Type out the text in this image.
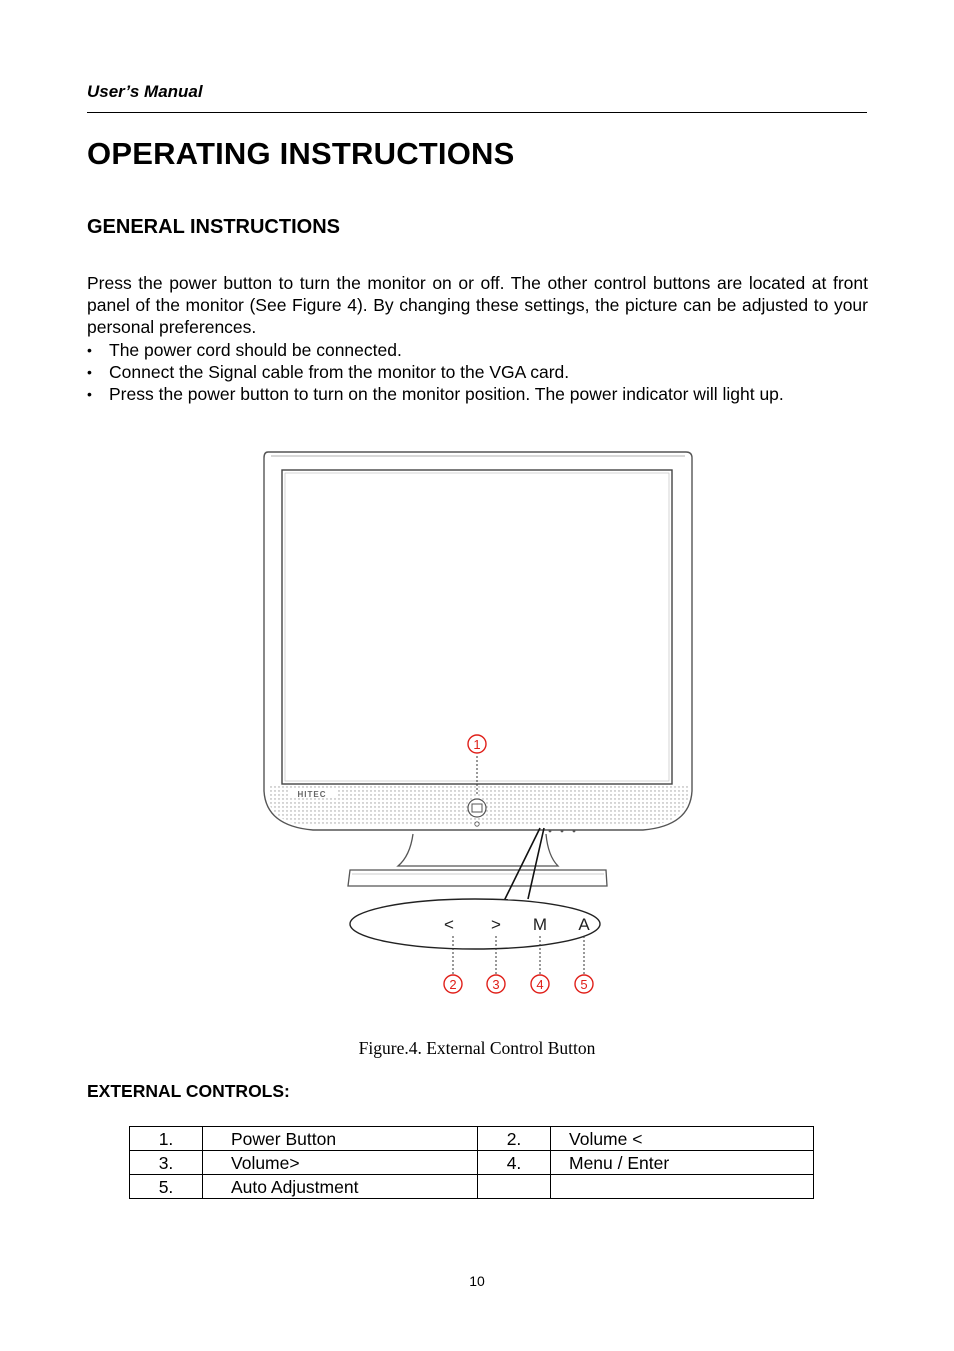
User’s Manual
OPERATING INSTRUCTIONS
GENERAL INSTRUCTIONS

Press the power button to turn the monitor on or off. The other control buttons are located at front panel of the monitor (See Figure 4). By changing these settings, the picture can be adjusted to your personal preferences.

• The power cord should be connected.
• Connect the Signal cable from the monitor to the VGA card.
• Press the power button to turn on the monitor position. The power indicator will light up.
HITEC
< > M A
1
2	3	4	5
Figure.4. External Control Button
EXTERNAL CONTROLS:
1.	Power Button	2.	Volume <
3.	Volume>	4.	Menu / Enter
5.	Auto Adjustment		
10
